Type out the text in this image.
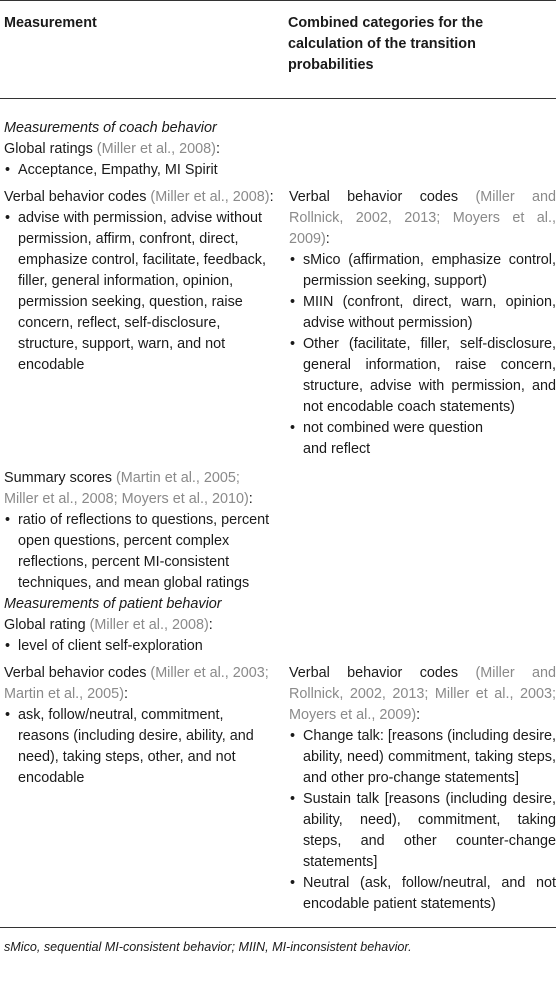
Measurement	Combined categories for the calculation of the transition probabilities
Measurements of coach behavior
Global ratings (Miller et al., 2008):
• Acceptance, Empathy, MI Spirit
Verbal behavior codes (Miller et al., 2008):
• advise with permission, advise without permission, affirm, confront, direct, emphasize control, facilitate, feedback, filler, general information, opinion, permission seeking, question, raise concern, reflect, self-disclosure, structure, support, warn, and not encodable
Verbal behavior codes (Miller and Rollnick, 2002, 2013; Moyers et al., 2009):
• sMico (affirmation, emphasize control, permission seeking, support)
• MIIN (confront, direct, warn, opinion, advise without permission)
• Other (facilitate, filler, self-disclosure, general information, raise concern, structure, advise with permission, and not encodable coach statements)
• not combined were question and reflect
Summary scores (Martin et al., 2005; Miller et al., 2008; Moyers et al., 2010):
• ratio of reflections to questions, percent open questions, percent complex reflections, percent MI-consistent techniques, and mean global ratings
Measurements of patient behavior
Global rating (Miller et al., 2008):
• level of client self-exploration
Verbal behavior codes (Miller et al., 2003; Martin et al., 2005):
• ask, follow/neutral, commitment, reasons (including desire, ability, and need), taking steps, other, and not encodable
Verbal behavior codes (Miller and Rollnick, 2002, 2013; Miller et al., 2003; Moyers et al., 2009):
• Change talk: [reasons (including desire, ability, need) commitment, taking steps, and other pro-change statements]
• Sustain talk [reasons (including desire, ability, need), commitment, taking steps, and other counter-change statements]
• Neutral (ask, follow/neutral, and not encodable patient statements)
sMico, sequential MI-consistent behavior; MIIN, MI-inconsistent behavior.
